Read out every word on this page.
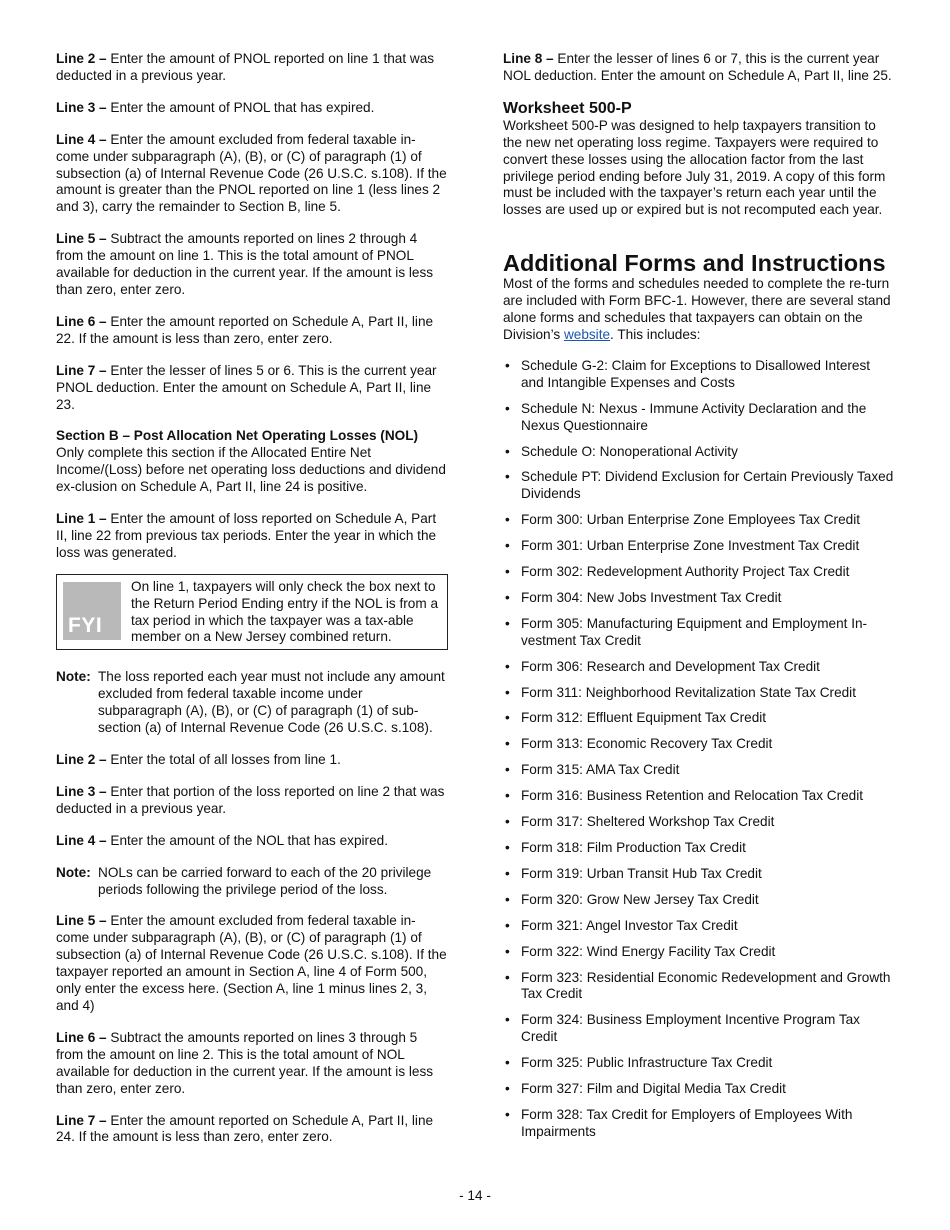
Line 2 – Enter the amount of PNOL reported on line 1 that was deducted in a previous year.

Line 3 – Enter the amount of PNOL that has expired.

Line 4 – Enter the amount excluded from federal taxable in-come under subparagraph (A), (B), or (C) of paragraph (1) of subsection (a) of Internal Revenue Code (26 U.S.C. s.108). If the amount is greater than the PNOL reported on line 1 (less lines 2 and 3), carry the remainder to Section B, line 5.

Line 5 – Subtract the amounts reported on lines 2 through 4 from the amount on line 1. This is the total amount of PNOL available for deduction in the current year. If the amount is less than zero, enter zero.

Line 6 – Enter the amount reported on Schedule A, Part II, line 22. If the amount is less than zero, enter zero.

Line 7 – Enter the lesser of lines 5 or 6. This is the current year PNOL deduction. Enter the amount on Schedule A, Part II, line 23.

Section B – Post Allocation Net Operating Losses (NOL)

Only complete this section if the Allocated Entire Net Income/(Loss) before net operating loss deductions and dividend ex-clusion on Schedule A, Part II, line 24 is positive.

Line 1 – Enter the amount of loss reported on Schedule A, Part II, line 22 from previous tax periods. Enter the year in which the loss was generated.

FYI
On line 1, taxpayers will only check the box next to the Return Period Ending entry if the NOL is from a tax period in which the taxpayer was a tax-able member on a New Jersey combined return.
Note: The loss reported each year must not include any amount excluded from federal taxable income under subparagraph (A), (B), or (C) of paragraph (1) of sub-section (a) of Internal Revenue Code (26 U.S.C. s.108).

Line 2 – Enter the total of all losses from line 1.

Line 3 – Enter that portion of the loss reported on line 2 that was deducted in a previous year.

Line 4 – Enter the amount of the NOL that has expired.

Note: NOLs can be carried forward to each of the 20 privilege periods following the privilege period of the loss.

Line 5 – Enter the amount excluded from federal taxable in-come under subparagraph (A), (B), or (C) of paragraph (1) of subsection (a) of Internal Revenue Code (26 U.S.C. s.108). If the taxpayer reported an amount in Section A, line 4 of Form 500, only enter the excess here. (Section A, line 1 minus lines 2, 3, and 4)

Line 6 – Subtract the amounts reported on lines 3 through 5 from the amount on line 2. This is the total amount of NOL available for deduction in the current year. If the amount is less than zero, enter zero.

Line 7 – Enter the amount reported on Schedule A, Part II, line 24. If the amount is less than zero, enter zero.

Line 8 – Enter the lesser of lines 6 or 7, this is the current year NOL deduction. Enter the amount on Schedule A, Part II, line 25.

Worksheet 500-P

Worksheet 500-P was designed to help taxpayers transition to the new net operating loss regime. Taxpayers were required to convert these losses using the allocation factor from the last privilege period ending before July 31, 2019. A copy of this form must be included with the taxpayer’s return each year until the losses are used up or expired but is not recomputed each year.

Additional Forms and Instructions

Most of the forms and schedules needed to complete the re-turn are included with Form BFC-1. However, there are several stand alone forms and schedules that taxpayers can obtain on the Division’s website. This includes:

• Schedule G-2: Claim for Exceptions to Disallowed Interest and Intangible Expenses and Costs
• Schedule N: Nexus - Immune Activity Declaration and the Nexus Questionnaire
• Schedule O: Nonoperational Activity
• Schedule PT: Dividend Exclusion for Certain Previously Taxed Dividends
• Form 300: Urban Enterprise Zone Employees Tax Credit
• Form 301: Urban Enterprise Zone Investment Tax Credit
• Form 302: Redevelopment Authority Project Tax Credit
• Form 304: New Jobs Investment Tax Credit
• Form 305: Manufacturing Equipment and Employment In-vestment Tax Credit
• Form 306: Research and Development Tax Credit
• Form 311: Neighborhood Revitalization State Tax Credit
• Form 312: Effluent Equipment Tax Credit
• Form 313: Economic Recovery Tax Credit
• Form 315: AMA Tax Credit
• Form 316: Business Retention and Relocation Tax Credit
• Form 317: Sheltered Workshop Tax Credit
• Form 318: Film Production Tax Credit
• Form 319: Urban Transit Hub Tax Credit
• Form 320: Grow New Jersey Tax Credit
• Form 321: Angel Investor Tax Credit
• Form 322: Wind Energy Facility Tax Credit
• Form 323: Residential Economic Redevelopment and Growth Tax Credit
• Form 324: Business Employment Incentive Program Tax Credit
• Form 325: Public Infrastructure Tax Credit
• Form 327: Film and Digital Media Tax Credit
• Form 328: Tax Credit for Employers of Employees With Impairments
- 14 -
